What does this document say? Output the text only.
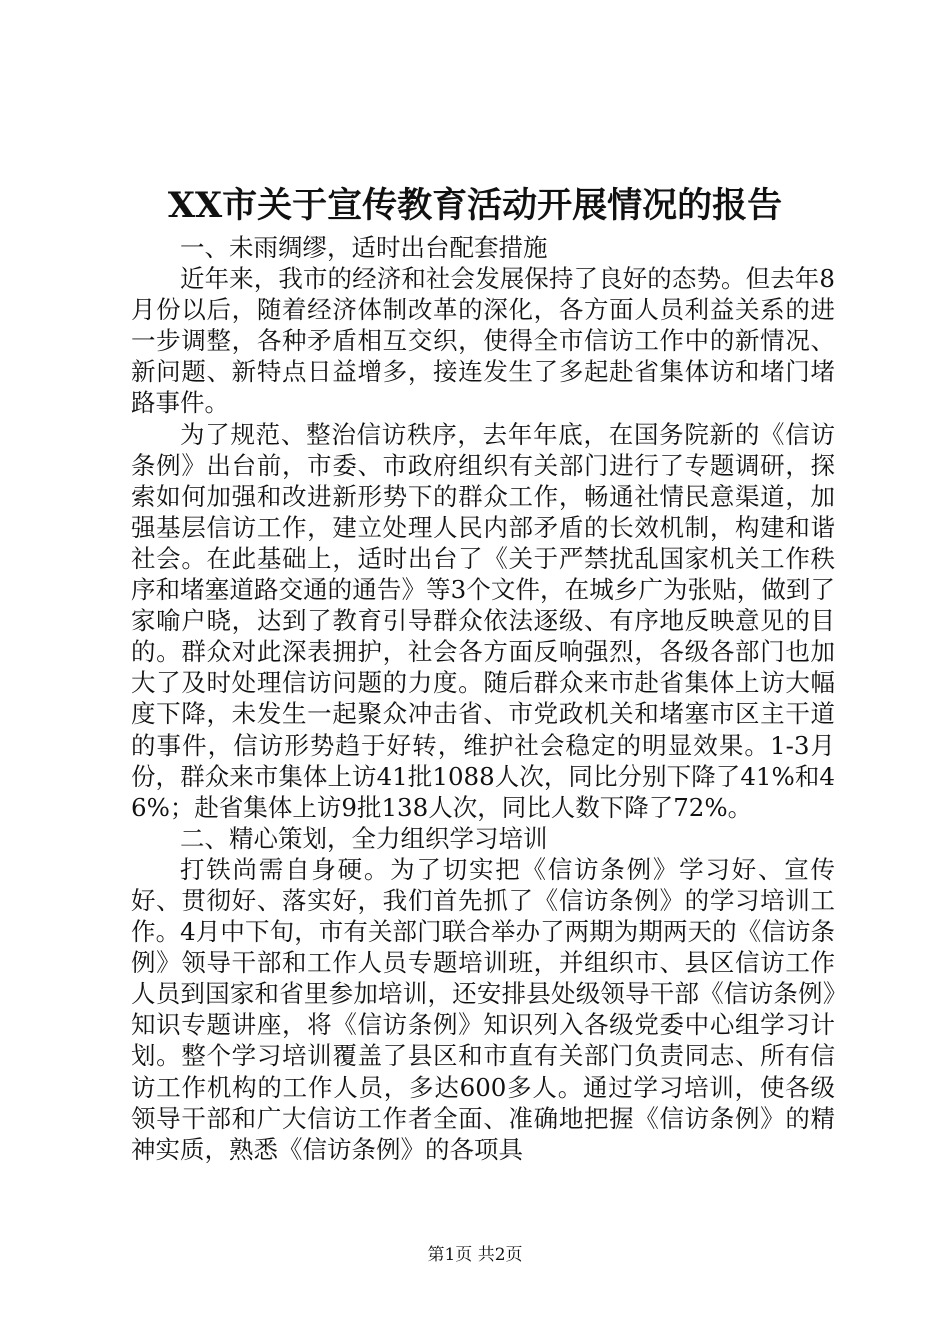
XX市关于宣传教育活动开展情况的报告

一、未雨绸缪，适时出台配套措施

近年来，我市的经济和社会发展保持了良好的态势。但去年8月份以后，随着经济体制改革的深化，各方面人员利益关系的进一步调整，各种矛盾相互交织，使得全市信访工作中的新情况、新问题、新特点日益增多，接连发生了多起赴省集体访和堵门堵路事件。

为了规范、整治信访秩序，去年年底，在国务院新的《信访条例》出台前，市委、市政府组织有关部门进行了专题调研，探索如何加强和改进新形势下的群众工作，畅通社情民意渠道，加强基层信访工作，建立处理人民内部矛盾的长效机制，构建和谐社会。在此基础上，适时出台了《关于严禁扰乱国家机关工作秩序和堵塞道路交通的通告》等3个文件，在城乡广为张贴，做到了家喻户晓，达到了教育引导群众依法逐级、有序地反映意见的目的。群众对此深表拥护，社会各方面反响强烈，各级各部门也加大了及时处理信访问题的力度。随后群众来市赴省集体上访大幅度下降，未发生一起聚众冲击省、市党政机关和堵塞市区主干道的事件，信访形势趋于好转，维护社会稳定的明显效果。1-3月份，群众来市集体上访41批1088人次，同比分别下降了41%和46%；赴省集体上访9批138人次，同比人数下降了72%。

二、精心策划，全力组织学习培训

打铁尚需自身硬。为了切实把《信访条例》学习好、宣传好、贯彻好、落实好，我们首先抓了《信访条例》的学习培训工作。4月中下旬，市有关部门联合举办了两期为期两天的《信访条例》领导干部和工作人员专题培训班，并组织市、县区信访工作人员到国家和省里参加培训，还安排县处级领导干部《信访条例》知识专题讲座，将《信访条例》知识列入各级党委中心组学习计划。整个学习培训覆盖了县区和市直有关部门负责同志、所有信访工作机构的工作人员，多达600多人。通过学习培训，使各级领导干部和广大信访工作者全面、准确地把握《信访条例》的精神实质，熟悉《信访条例》的各项具

第1页 共2页
